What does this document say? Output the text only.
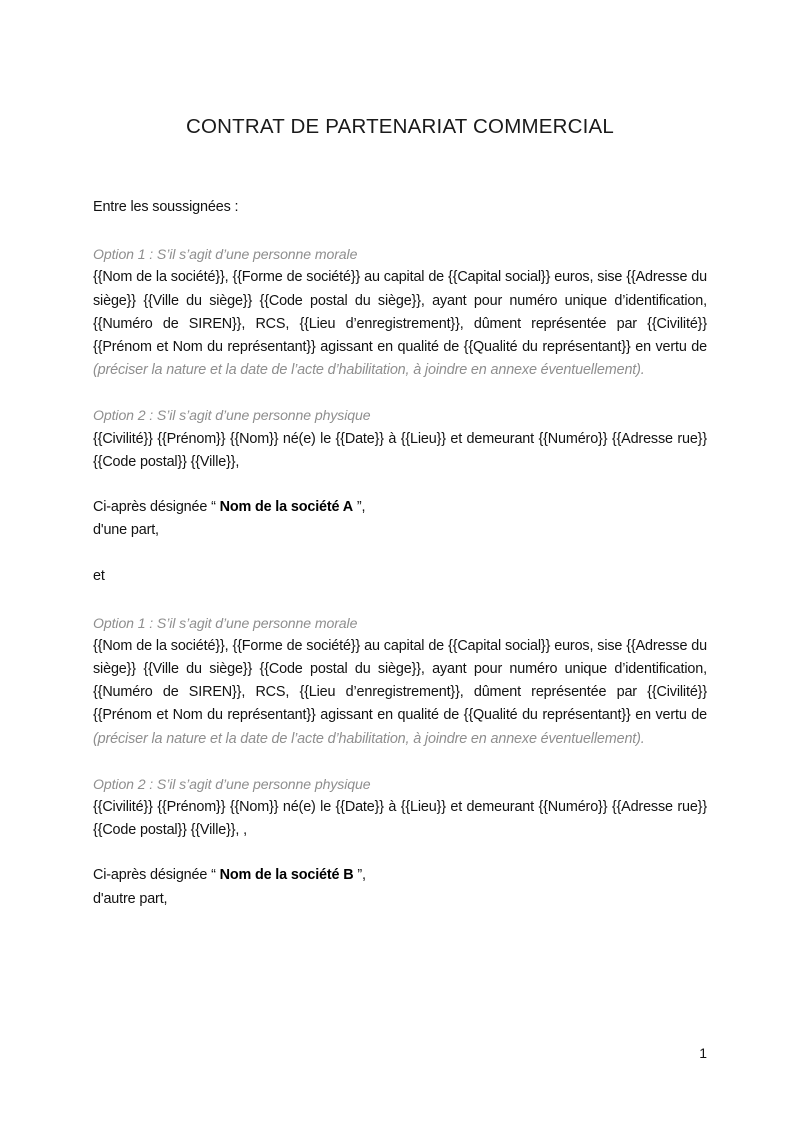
CONTRAT DE PARTENARIAT COMMERCIAL

Entre les soussignées :

Option 1 : S’il s’agit d’une personne morale

{{Nom de la société}}, {{Forme de société}} au capital de {{Capital social}} euros, sise {{Adresse du siège}} {{Ville du siège}} {{Code postal du siège}}, ayant pour numéro unique d’identification, {{Numéro de SIREN}}, RCS, {{Lieu d’enregistrement}}, dûment représentée par {{Civilité}} {{Prénom et Nom du représentant}} agissant en qualité de {{Qualité du représentant}} en vertu de (préciser la nature et la date de l’acte d’habilitation, à joindre en annexe éventuellement).

Option 2 : S’il s’agit d’une personne physique

{{Civilité}} {{Prénom}} {{Nom}} né(e) le {{Date}} à {{Lieu}} et demeurant {{Numéro}} {{Adresse rue}} {{Code postal}} {{Ville}},

Ci-après désignée “ Nom de la société A ”,

d'une part,

et

Option 1 : S’il s’agit d’une personne morale

{{Nom de la société}}, {{Forme de société}} au capital de {{Capital social}} euros, sise {{Adresse du siège}} {{Ville du siège}} {{Code postal du siège}}, ayant pour numéro unique d’identification, {{Numéro de SIREN}}, RCS, {{Lieu d’enregistrement}}, dûment représentée par {{Civilité}} {{Prénom et Nom du représentant}} agissant en qualité de {{Qualité du représentant}} en vertu de (préciser la nature et la date de l’acte d’habilitation, à joindre en annexe éventuellement).

Option 2 : S’il s’agit d’une personne physique

{{Civilité}} {{Prénom}} {{Nom}} né(e) le {{Date}} à {{Lieu}} et demeurant {{Numéro}} {{Adresse rue}} {{Code postal}} {{Ville}}, ,

Ci-après désignée “ Nom de la société B ”,

d'autre part,

1
